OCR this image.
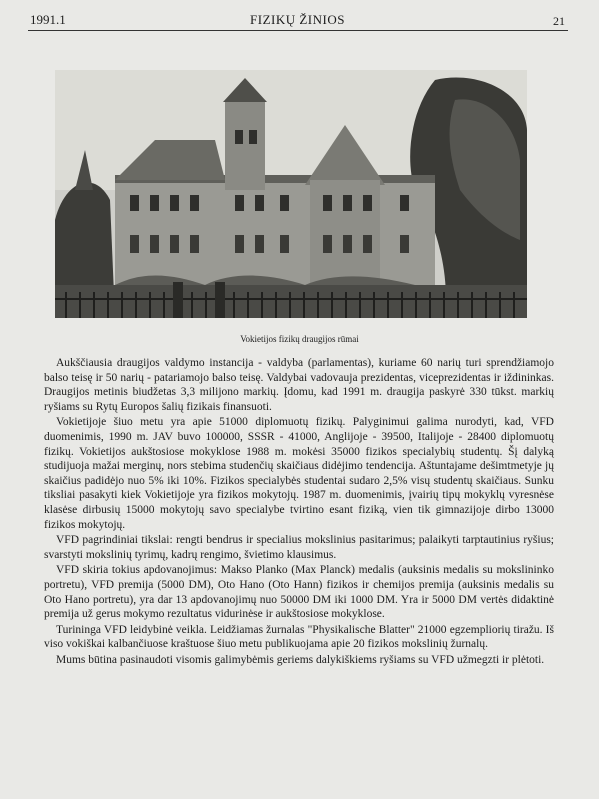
1991.1	FIZIKŲ ŽINIOS	21
Vokietijos fizikų draugijos rūmai

Aukščiausia draugijos valdymo instancija - valdyba (parlamentas), kuriame 60 narių turi sprendžiamojo balso teisę ir 50 narių - patariamojo balso teisę. Valdybai vadovauja prezidentas, viceprezidentas ir iždininkas. Draugijos metinis biudžetas 3,3 milijono markių. Įdomu, kad 1991 m. draugija paskyrė 330 tūkst. markių ryšiams su Rytų Europos šalių fizikais finansuoti.

Vokietijoje šiuo metu yra apie 51000 diplomuotų fizikų. Palyginimui galima nurodyti, kad, VFD duomenimis, 1990 m. JAV buvo 100000, SSSR - 41000, Anglijoje - 39500, Italijoje - 28400 diplomuotų fizikų. Vokietijos aukštosiose mokyklose 1988 m. mokėsi 35000 fizikos specialybių studentų. Šį dalyką studijuoja mažai merginų, nors stebima studenčių skaičiaus didėjimo tendencija. Aštuntajame dešimtmetyje jų skaičius padidėjo nuo 5% iki 10%. Fizikos specialybės studentai sudaro 2,5% visų studentų skaičiaus. Sunku tiksliai pasakyti kiek Vokietijoje yra fizikos mokytojų. 1987 m. duomenimis, įvairių tipų mokyklų vyresnėse klasėse dirbusių 15000 mokytojų savo specialybe tvirtino esant fiziką, vien tik gimnazijoje dirbo 13000 fizikos mokytojų.

VFD pagrindiniai tikslai: rengti bendrus ir specialius mokslinius pasitarimus; palaikyti tarptautinius ryšius; svarstyti mokslinių tyrimų, kadrų rengimo, švietimo klausimus.

VFD skiria tokius apdovanojimus: Makso Planko (Max Planck) medalis (auksinis medalis su mokslininko portretu), VFD premija (5000 DM), Oto Hano (Oto Hann) fizikos ir chemijos premija (auksinis medalis su Oto Hano portretu), yra dar 13 apdovanojimų nuo 50000 DM iki 1000 DM. Yra ir 5000 DM vertės didaktinė premija už gerus mokymo rezultatus vidurinėse ir aukštosiose mokyklose.

Turininga VFD leidybinė veikla. Leidžiamas žurnalas "Physikalische Blatter" 21000 egzempliorių tiražu. Iš viso vokiškai kalbančiuose kraštuose šiuo metu publikuojama apie 20 fizikos mokslinių žurnalų.

Mums būtina pasinaudoti visomis galimybėmis geriems dalykiškiems ryšiams su VFD užmegzti ir plėtoti.
